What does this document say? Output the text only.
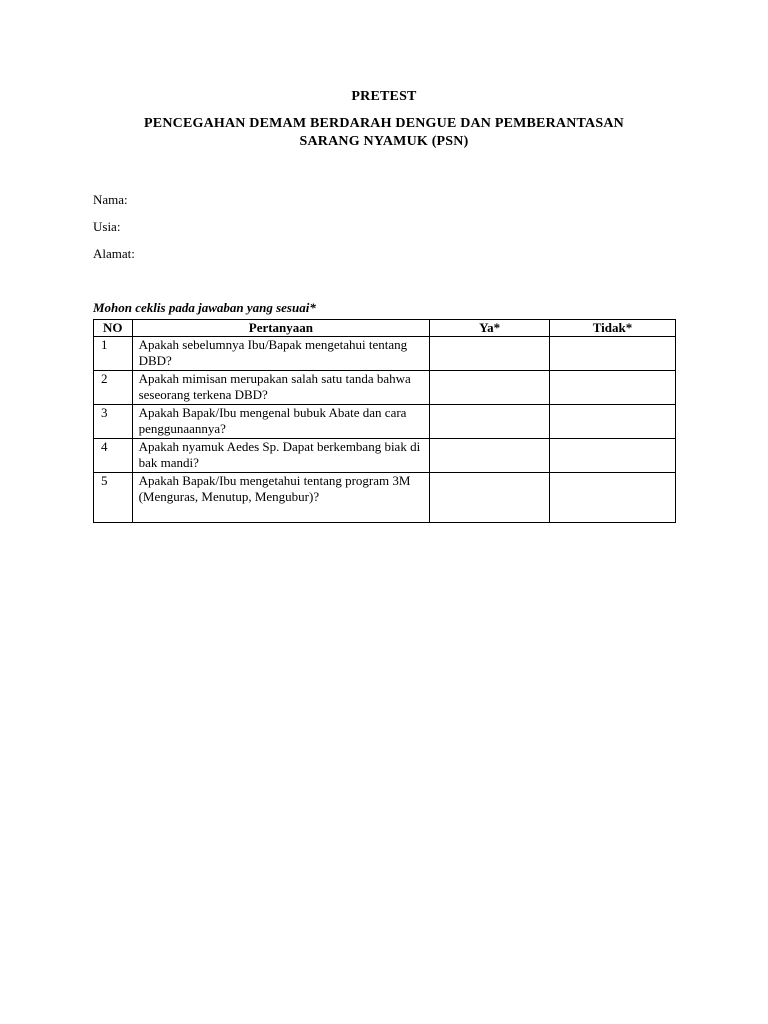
PRETEST
PENCEGAHAN DEMAM BERDARAH DENGUE DAN PEMBERANTASAN
SARANG NYAMUK (PSN)
Nama:
Usia:
Alamat:
Mohon ceklis pada jawaban yang sesuai*
NO	Pertanyaan	Ya*	Tidak*
1	Apakah sebelumnya Ibu/Bapak mengetahui tentang DBD?		
2	Apakah mimisan merupakan salah satu tanda bahwa seseorang terkena DBD?		
3	Apakah Bapak/Ibu mengenal bubuk Abate dan cara penggunaannya?		
4	Apakah nyamuk Aedes Sp. Dapat berkembang biak di bak mandi?		
5	Apakah Bapak/Ibu mengetahui tentang program 3M (Menguras, Menutup, Mengubur)?		
